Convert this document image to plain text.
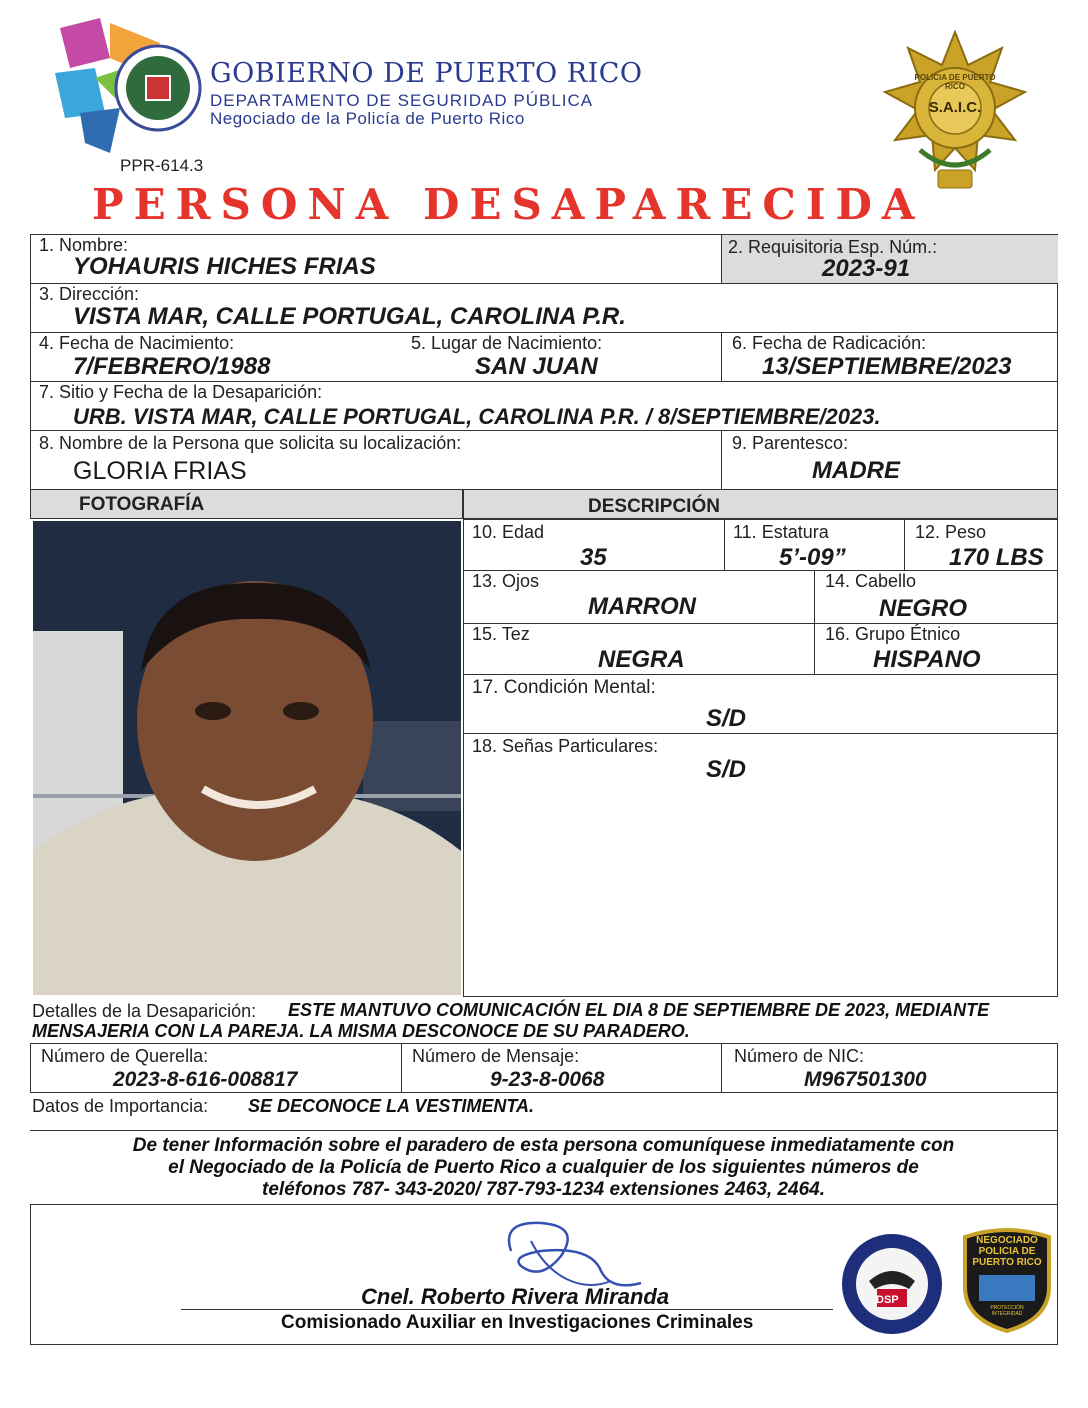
GOBIERNO DE PUERTO RICO
DEPARTAMENTO DE SEGURIDAD PÚBLICA
Negociado de la Policía de Puerto Rico
PPR-614.3
POLICIA DE PUERTO RICO
S.A.I.C.
PERSONA DESAPARECIDA
1. Nombre:
YOHAURIS HICHES FRIAS
2. Requisitoria Esp. Núm.:
2023-91
3. Dirección:
VISTA MAR, CALLE PORTUGAL, CAROLINA P.R.
4. Fecha de Nacimiento:
7/FEBRERO/1988
5. Lugar de Nacimiento:
SAN JUAN
6. Fecha de Radicación:
13/SEPTIEMBRE/2023
7. Sitio y Fecha de la Desaparición:
URB. VISTA MAR, CALLE PORTUGAL, CAROLINA P.R. / 8/SEPTIEMBRE/2023.
8. Nombre de la Persona que solicita su localización:
GLORIA FRIAS
9. Parentesco:
MADRE
FOTOGRAFÍA	DESCRIPCIÓN
10. Edad
35
11. Estatura
5’-09”
12. Peso
170 LBS
13. Ojos
MARRON
14. Cabello
NEGRO
15. Tez
NEGRA
16. Grupo Étnico
HISPANO
17. Condición Mental:
S/D
18. Señas Particulares:
S/D
Detalles de la Desaparición: ESTE MANTUVO COMUNICACIÓN EL DIA 8 DE SEPTIEMBRE DE 2023, MEDIANTE
MENSAJERIA CON LA PAREJA. LA MISMA DESCONOCE DE SU PARADERO.
Número de Querella:
2023-8-616-008817
Número de Mensaje:
9-23-8-0068
Número de NIC:
M967501300
Datos de Importancia: SE DECONOCE LA VESTIMENTA.
De tener Información sobre el paradero de esta persona comuníquese inmediatamente con
el Negociado de la Policía de Puerto Rico a cualquier de los siguientes números de
teléfonos 787- 343-2020/ 787-793-1234 extensiones 2463, 2464.
Cnel. Roberto Rivera Miranda
Comisionado Auxiliar en Investigaciones Criminales
DSP
NEGOCIADO POLICIA DE PUERTO RICO
PROTECCIÓN INTEGRIDAD
